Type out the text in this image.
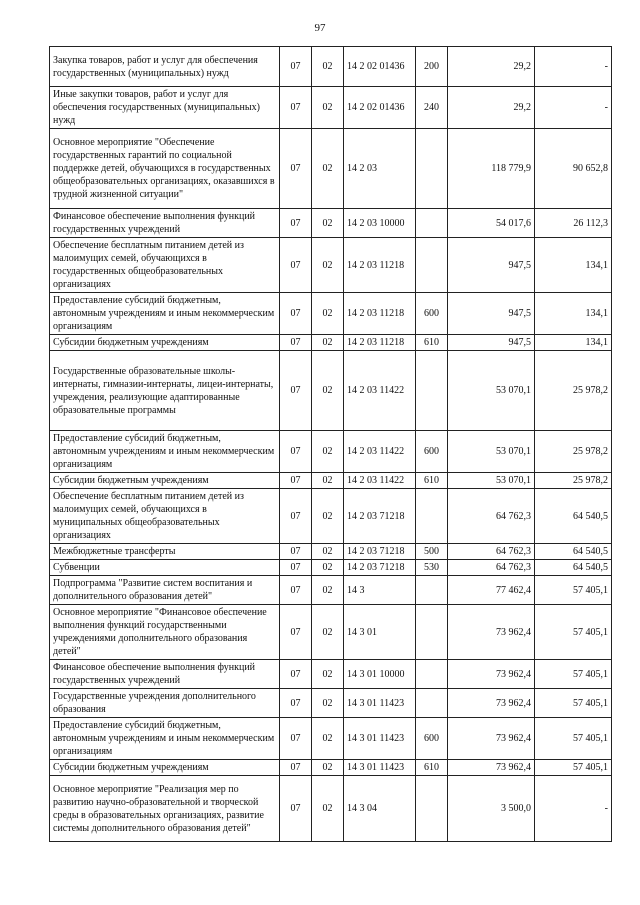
97
Закупка товаров, работ и услуг для обеспечения государственных (муниципальных) нужд	07	02	14 2 02 01436	200	29,2	-
Иные закупки товаров, работ и услуг для обеспечения государственных (муниципальных) нужд	07	02	14 2 02 01436	240	29,2	-
Основное мероприятие "Обеспечение государственных гарантий по социальной поддержке детей, обучающихся в государственных общеобразовательных организациях, оказавшихся в трудной жизненной ситуации"	07	02	14 2 03		118 779,9	90 652,8
Финансовое обеспечение выполнения функций государственных учреждений	07	02	14 2 03 10000		54 017,6	26 112,3
Обеспечение бесплатным питанием детей из малоимущих семей, обучающихся в государственных общеобразовательных организациях	07	02	14 2 03 11218		947,5	134,1
Предоставление субсидий бюджетным, автономным учреждениям и иным некоммерческим организациям	07	02	14 2 03 11218	600	947,5	134,1
Субсидии бюджетным учреждениям	07	02	14 2 03 11218	610	947,5	134,1
Государственные образовательные школы-интернаты, гимназии-интернаты, лицеи-интернаты, учреждения, реализующие адаптированные образовательные программы	07	02	14 2 03 11422		53 070,1	25 978,2
Предоставление субсидий бюджетным, автономным учреждениям и иным некоммерческим организациям	07	02	14 2 03 11422	600	53 070,1	25 978,2
Субсидии бюджетным учреждениям	07	02	14 2 03 11422	610	53 070,1	25 978,2
Обеспечение бесплатным питанием детей из малоимущих семей, обучающихся в муниципальных общеобразовательных организациях	07	02	14 2 03 71218		64 762,3	64 540,5
Межбюджетные трансферты	07	02	14 2 03 71218	500	64 762,3	64 540,5
Субвенции	07	02	14 2 03 71218	530	64 762,3	64 540,5
Подпрограмма "Развитие систем воспитания и дополнительного образования детей"	07	02	14 3		77 462,4	57 405,1
Основное мероприятие "Финансовое обеспечение выполнения функций государственными учреждениями дополнительного образования детей"	07	02	14 3 01		73 962,4	57 405,1
Финансовое обеспечение выполнения функций государственных учреждений	07	02	14 3 01 10000		73 962,4	57 405,1
Государственные учреждения дополнительного образования	07	02	14 3 01 11423		73 962,4	57 405,1
Предоставление субсидий бюджетным, автономным учреждениям и иным некоммерческим организациям	07	02	14 3 01 11423	600	73 962,4	57 405,1
Субсидии бюджетным учреждениям	07	02	14 3 01 11423	610	73 962,4	57 405,1
Основное мероприятие "Реализация мер по развитию научно-образовательной и творческой среды в образовательных организациях, развитие системы дополнительного образования детей"	07	02	14 3 04		3 500,0	-
